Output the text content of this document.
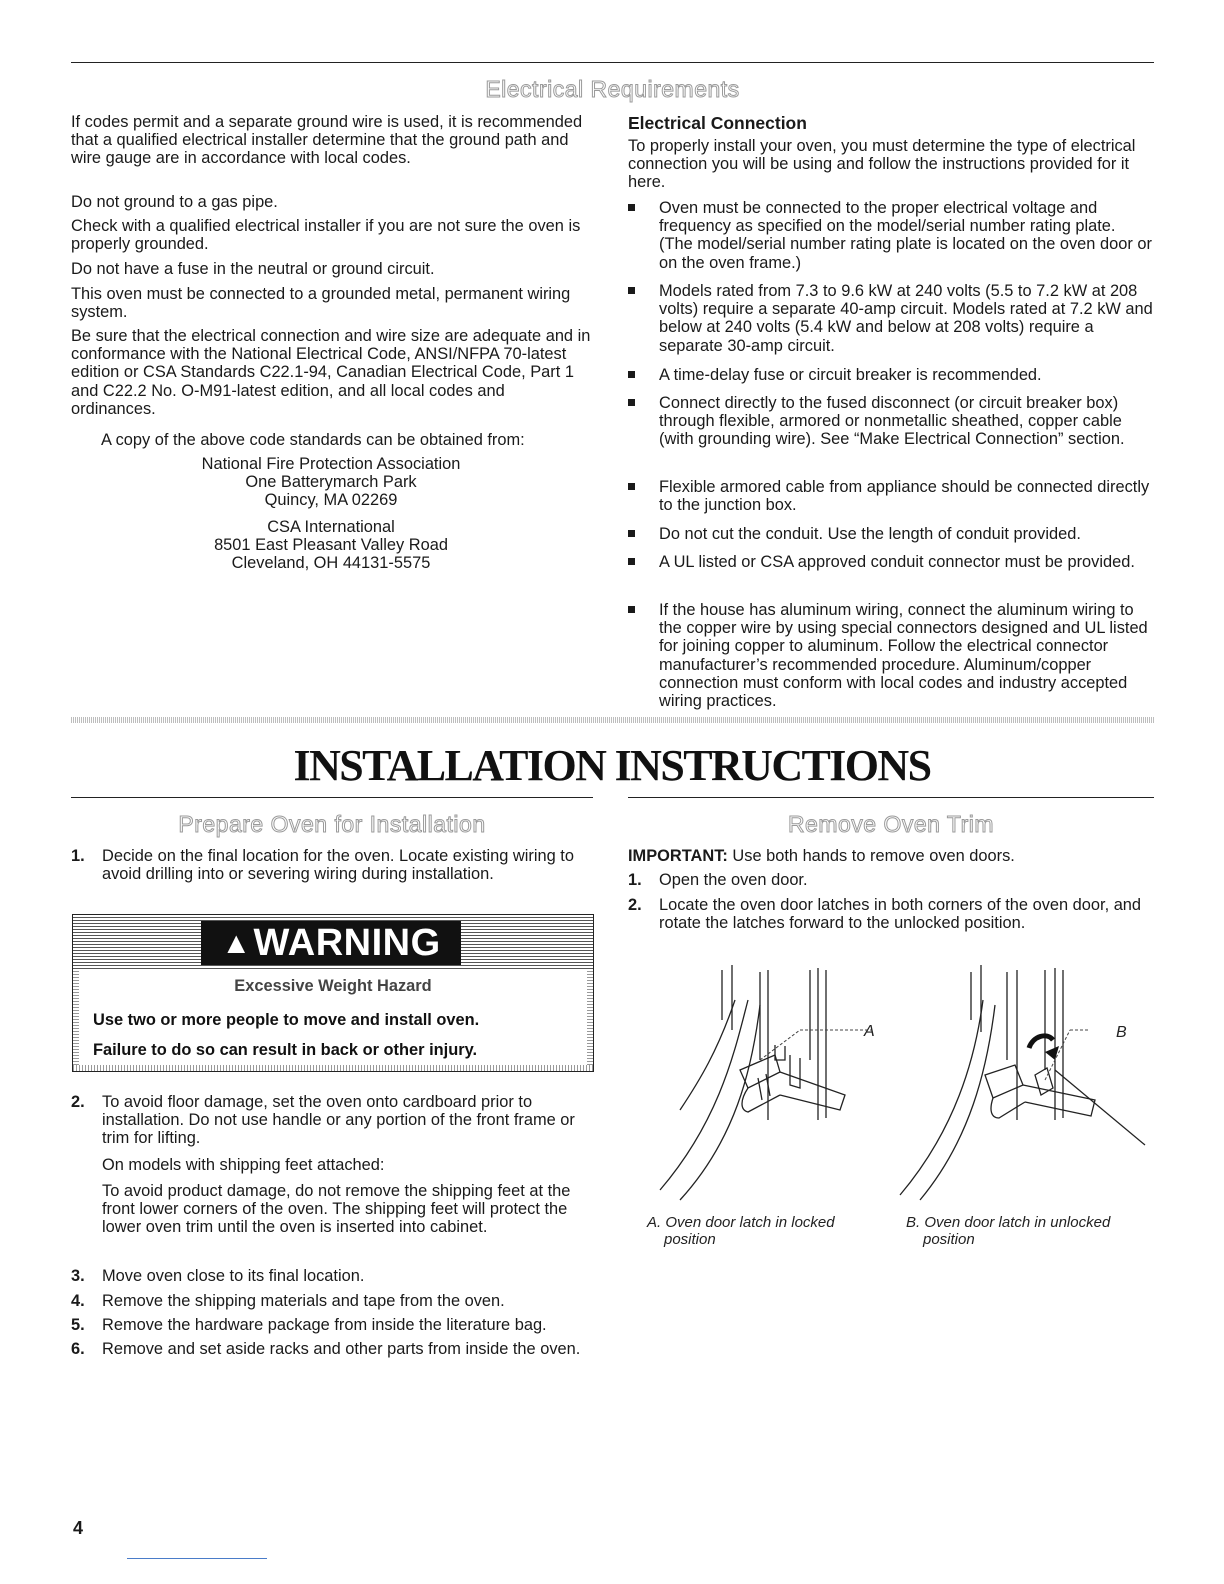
Electrical Requirements

If codes permit and a separate ground wire is used, it is recommended that a qualified electrical installer determine that the ground path and wire gauge are in accordance with local codes.

Do not ground to a gas pipe.

Check with a qualified electrical installer if you are not sure the oven is properly grounded.

Do not have a fuse in the neutral or ground circuit.

This oven must be connected to a grounded metal, permanent wiring system.

Be sure that the electrical connection and wire size are adequate and in conformance with the National Electrical Code, ANSI/NFPA 70-latest edition or CSA Standards C22.1-94, Canadian Electrical Code, Part 1 and C22.2 No. O-M91-latest edition, and all local codes and ordinances.

A copy of the above code standards can be obtained from:

National Fire Protection Association
One Batterymarch Park
Quincy, MA 02269
CSA International
8501 East Pleasant Valley Road
Cleveland, OH 44131-5575
Electrical Connection

To properly install your oven, you must determine the type of electrical connection you will be using and follow the instructions provided for it here.

Oven must be connected to the proper electrical voltage and frequency as specified on the model/serial number rating plate. (The model/serial number rating plate is located on the oven door or on the oven frame.)
Models rated from 7.3 to 9.6 kW at 240 volts (5.5 to 7.2 kW at 208 volts) require a separate 40-amp circuit. Models rated at 7.2 kW and below at 240 volts (5.4 kW and below at 208 volts) require a separate 30-amp circuit.
A time-delay fuse or circuit breaker is recommended.
Connect directly to the fused disconnect (or circuit breaker box) through flexible, armored or nonmetallic sheathed, copper cable (with grounding wire). See “Make Electrical Connection” section.
Flexible armored cable from appliance should be connected directly to the junction box.
Do not cut the conduit. Use the length of conduit provided.
A UL listed or CSA approved conduit connector must be provided.
If the house has aluminum wiring, connect the aluminum wiring to the copper wire by using special connectors designed and UL listed for joining copper to aluminum. Follow the electrical connector manufacturer’s recommended procedure. Aluminum/copper connection must conform with local codes and industry accepted wiring practices.
INSTALLATION INSTRUCTIONS
Prepare Oven for Installation
1. Decide on the final location for the oven. Locate existing wiring to avoid drilling into or severing wiring during installation.
▲WARNING
Excessive Weight Hazard
Use two or more people to move and install oven.
Failure to do so can result in back or other injury.
2. To avoid floor damage, set the oven onto cardboard prior to installation. Do not use handle or any portion of the front frame or trim for lifting.

On models with shipping feet attached:

To avoid product damage, do not remove the shipping feet at the front lower corners of the oven. The shipping feet will protect the lower oven trim until the oven is inserted into cabinet.

3. Move oven close to its final location.
4. Remove the shipping materials and tape from the oven.
5. Remove the hardware package from inside the literature bag.
6. Remove and set aside racks and other parts from inside the oven.
Remove Oven Trim

IMPORTANT: Use both hands to remove oven doors.

1. Open the oven door.
2. Locate the oven door latches in both corners of the oven door, and rotate the latches forward to the unlocked position.
A	B
A. Oven door latch in locked
position
B. Oven door latch in unlocked
position
4
